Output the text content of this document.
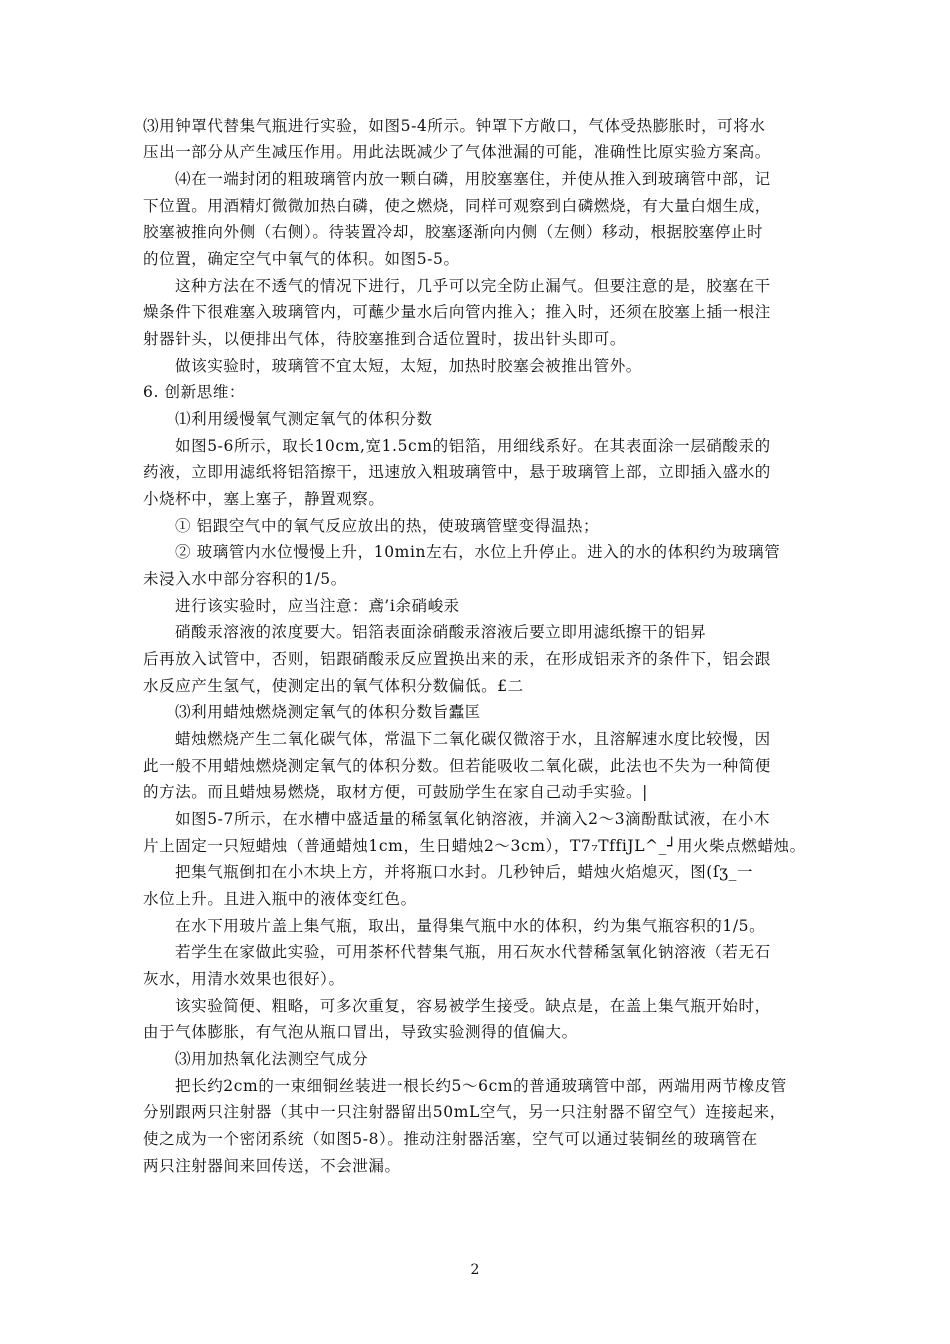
⑶用钟罩代替集气瓶进行实验，如图5-4所示。钟罩下方敞口，气体受热膨胀时，可将水
压出一部分从产生减压作用。用此法既减少了气体泄漏的可能，准确性比原实验方案高。
⑷在一端封闭的粗玻璃管内放一颗白磷，用胶塞塞住，并使从推入到玻璃管中部，记
下位置。用酒精灯微微加热白磷，使之燃烧，同样可观察到白磷燃烧，有大量白烟生成，
胶塞被推向外侧（右侧）。待装置冷却，胶塞逐渐向内侧（左侧）移动，根据胶塞停止时
的位置，确定空气中氧气的体积。如图5-5。
这种方法在不透气的情况下进行，几乎可以完全防止漏气。但要注意的是，胶塞在干
燥条件下很难塞入玻璃管内，可蘸少量水后向管内推入；推入时，还须在胶塞上插一根注
射器针头，以便排出气体，待胶塞推到合适位置时，拔出针头即可。
做该实验时，玻璃管不宜太短，太短，加热时胶塞会被推出管外。
6. 创新思维：
⑴利用缓慢氧气测定氧气的体积分数
如图5-6所示，取长10cm,宽1.5cm的铝箔，用细线系好。在其表面涂一层硝酸汞的
药液，立即用滤纸将铝箔擦干，迅速放入粗玻璃管中，悬于玻璃管上部，立即插入盛水的
小烧杯中，塞上塞子，静置观察。
① 铝跟空气中的氧气反应放出的热，使玻璃管壁变得温热；
② 玻璃管内水位慢慢上升，10min左右，水位上升停止。进入的水的体积约为玻璃管
未浸入水中部分容积的1/5。
进行该实验时，应当注意：鳶’i余硝峻汞
硝酸汞溶液的浓度要大。铝箔表面涂硝酸汞溶液后要立即用滤纸擦干的铝昇
后再放入试管中，否则，铝跟硝酸汞反应置换出来的汞，在形成铝汞齐的条件下，铝会跟
水反应产生氢气，使测定出的氧气体积分数偏低。£二
⑶利用蜡烛燃烧测定氧气的体积分数旨蠹匡
蜡烛燃烧产生二氧化碳气体，常温下二氧化碳仅微溶于水，且溶解速水度比较慢，因
此一般不用蜡烛燃烧测定氧气的体积分数。但若能吸收二氧化碳，此法也不失为一种简便
的方法。而且蜡烛易燃烧，取材方便，可鼓励学生在家自己动手实验。|
如图5-7所示，在水槽中盛适量的稀氢氧化钠溶液，并滴入2〜3滴酚酞试液，在小木
片上固定一只短蜡烛（普通蜡烛1cm，生日蜡烛2〜3cm），T7₇TffiJL^_┘用火柴点燃蜡烛。
把集气瓶倒扣在小木块上方，并将瓶口水封。几秒钟后，蜡烛火焰熄灭，图(ſʒ_一
水位上升。且进入瓶中的液体变红色。
在水下用玻片盖上集气瓶，取出，量得集气瓶中水的体积，约为集气瓶容积的1/5。
若学生在家做此实验，可用茶杯代替集气瓶，用石灰水代替稀氢氧化钠溶液（若无石
灰水，用清水效果也很好）。
该实验简便、粗略，可多次重复，容易被学生接受。缺点是，在盖上集气瓶开始时，
由于气体膨胀，有气泡从瓶口冒出，导致实验测得的值偏大。
⑶用加热氧化法测空气成分
把长约2cm的一束细铜丝装进一根长约5〜6cm的普通玻璃管中部，两端用两节橡皮管
分别跟两只注射器（其中一只注射器留出50mL空气，另一只注射器不留空气）连接起来，
使之成为一个密闭系统（如图5-8）。推动注射器活塞，空气可以通过装铜丝的玻璃管在
两只注射器间来回传送，不会泄漏。
2
